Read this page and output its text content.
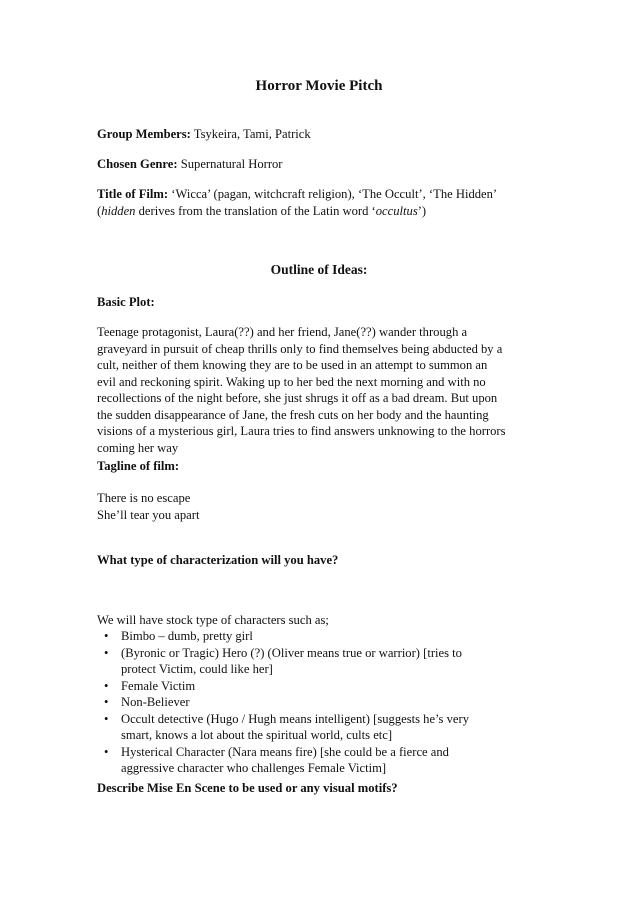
Horror Movie Pitch

Group Members: Tsykeira, Tami, Patrick

Chosen Genre: Supernatural Horror

Title of Film: ‘Wicca’ (pagan, witchcraft religion), ‘The Occult’, ‘The Hidden’
(hidden derives from the translation of the Latin word ‘occultus’)
Outline of Ideas:

Basic Plot:

Teenage protagonist, Laura(??) and her friend, Jane(??) wander through a
graveyard in pursuit of cheap thrills only to find themselves being abducted by a
cult, neither of them knowing they are to be used in an attempt to summon an
evil and reckoning spirit. Waking up to her bed the next morning and with no
recollections of the night before, she just shrugs it off as a bad dream. But upon
the sudden disappearance of Jane, the fresh cuts on her body and the haunting
visions of a mysterious girl, Laura tries to find answers unknowing to the horrors
coming her way

Tagline of film:

There is no escape
She’ll tear you apart

What type of characterization will you have?

We will have stock type of characters such as;

• Bimbo – dumb, pretty girl
• (Byronic or Tragic) Hero (?) (Oliver means true or warrior) [tries to
protect Victim, could like her]
• Female Victim
• Non-Believer
• Occult detective (Hugo / Hugh means intelligent) [suggests he’s very
smart, knows a lot about the spiritual world, cults etc]
• Hysterical Character (Nara means fire) [she could be a fierce and
aggressive character who challenges Female Victim]

Describe Mise En Scene to be used or any visual motifs?
